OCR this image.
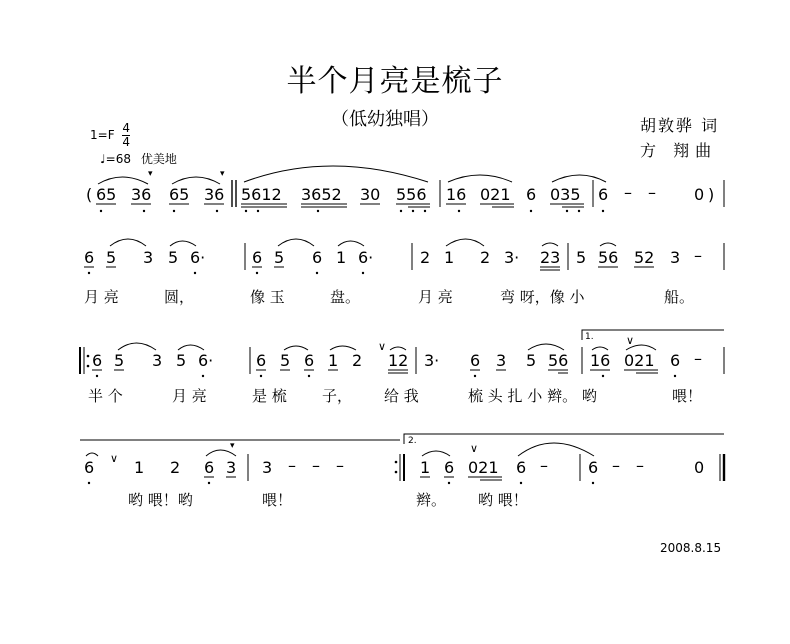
半个月亮是梳子
（低幼独唱）	胡敦骅 词
方 翔曲
$1=F \frac{4}{4}$
♩=68 优美地
( 65 36 65 36 5612 3652 30 556 16 021 6 035 6 – – 0 )
▾	▾
6 5 3 5 6·	6 5 6 1 6·	2 1 2 3· 23 5 56 52 3 –
月 亮	圆，	像 玉	盘。	月 亮	弯 呀，像 小	船。
6 5 3 5 6·	6 5 6 1 2 12 3· 6 3 5 56 16 021 6 –
1.
∨	∨
半 个	月 亮	是 梳 子， 给 我	梳 头 扎 小 辫。 哟	喂！
6 1 2 6 3 3 – – –
2.
1 6 021 6 –	6 – –	0
∨
∨
▾
哟 喂！哟	喂！	辫。 哟 喂！
2008.8.15
